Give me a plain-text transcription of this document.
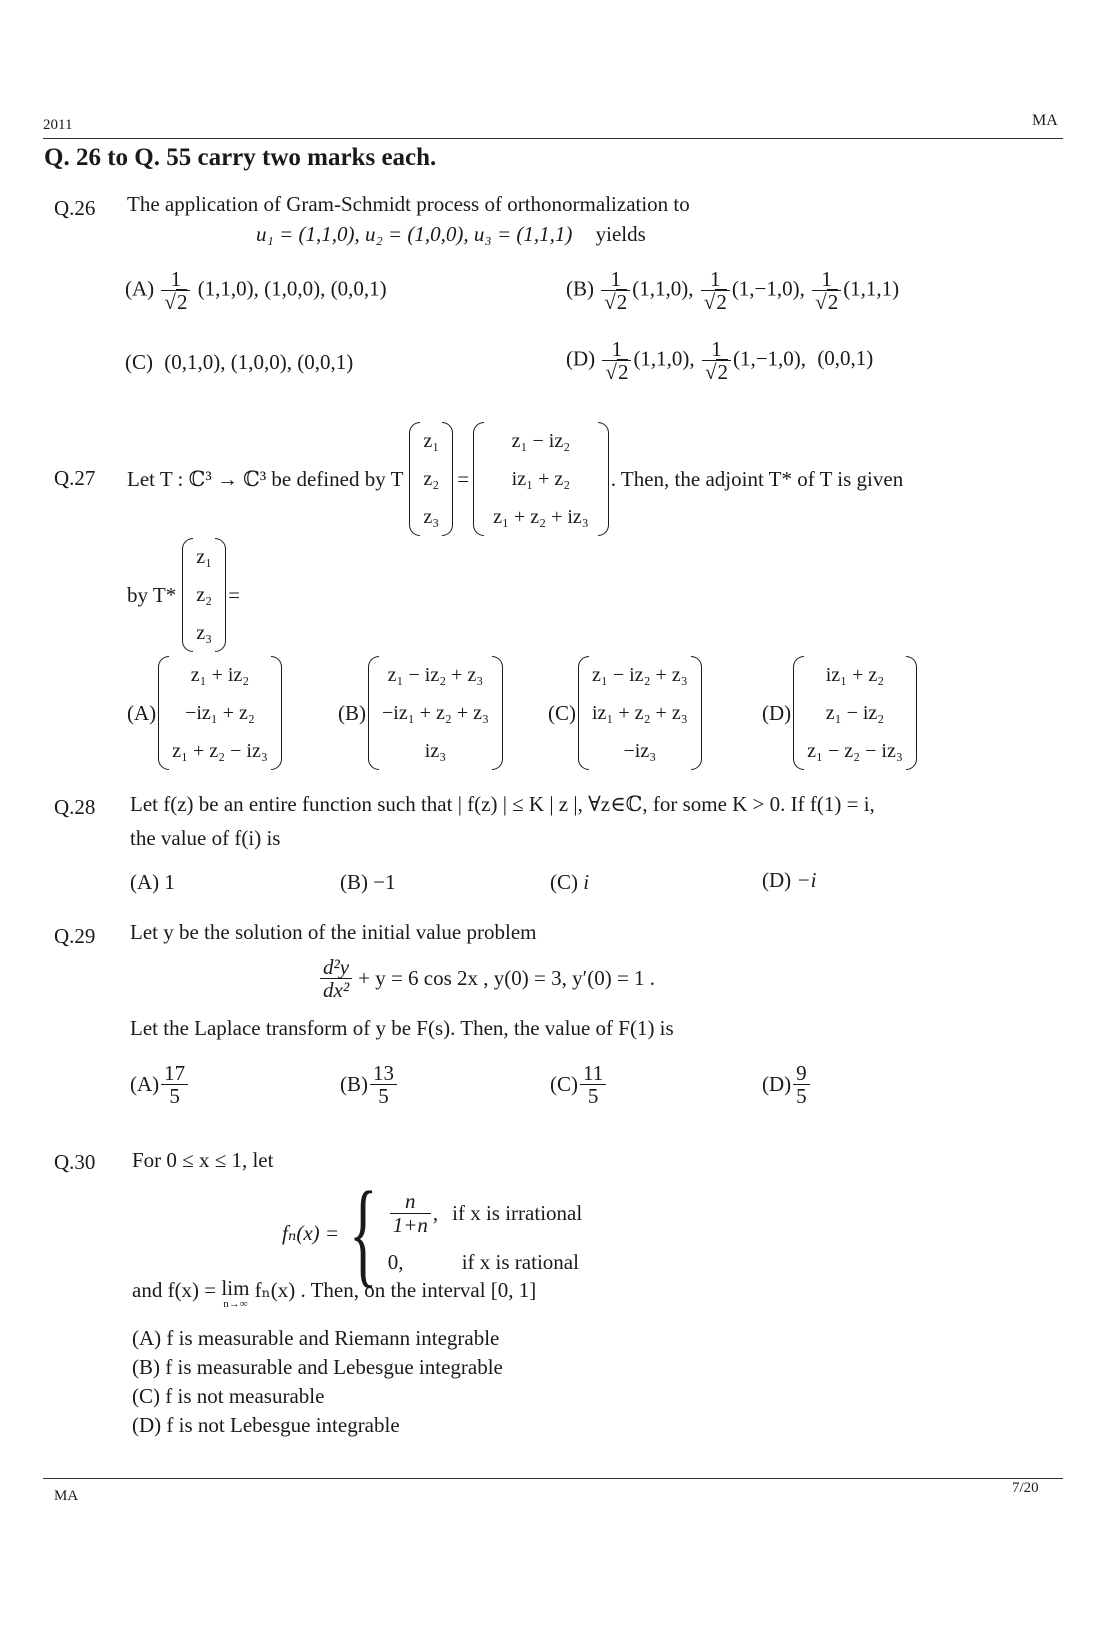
2011	MA
Q. 26 to Q. 55 carry two marks each.
Q.26 The application of Gram-Schmidt process of orthonormalization to
u₁ = (1,1,0), u₂ = (1,0,0), u₃ = (1,1,1) yields
$(A) \frac{1}{√2} (1,1,0)$, (1,0,0), (0,0,1)	$(B) \frac{1}{√2} (1,1,0)$, $\frac{1}{√2} (1,-1,0)$, $\frac{1}{√2} (1,1,1)$
(C) (0,1,0), (1,0,0), (0,0,1)	$(D) \frac{1}{√2} (1,1,0)$, $\frac{1}{√2} (1,-1,0)$, (0,0,1)
Q.27 Let T : ℂ³ → ℂ³ be defined by T
z₁
z₂
z₃
=
z₁ − iz₂
iz₁ + z₂
z₁ + z₂ + iz₃
. Then, the adjoint T* of T is given
by T*
z₁
z₂
z₃
=
(A)
z₁ + iz₂
−iz₁ + z₂
z₁ + z₂ − iz₃
(B)
z₁ − iz₂ + z₃
−iz₁ + z₂ + z₃
iz₃
(C)
z₁ − iz₂ + z₃
iz₁ + z₂ + z₃
−iz₃
(D)
iz₁ + z₂
z₁ − iz₂
z₁ − z₂ − iz₃
Q.28 Let f(z) be an entire function such that | f(z) | ≤ K | z |, ∀z∈ℂ, for some K > 0. If f(1) = i,
the value of f(i) is
(A) 1	(B) −1	(C) i	(D) −i
Q.29 Let y be the solution of the initial value problem
$\frac{\text{d²y}}{\text{dx²}} + y = 6$ cos 2x , y(0) = 3, y′(0) = 1 .
Let the Laplace transform of y be F(s). Then, the value of F(1) is
$(A) \frac{17}{5}$	$(B) \frac{13}{5}$	$(C) \frac{11}{5}$	$(D) \frac{9}{5}$
Q.30 For 0 ≤ x ≤ 1, let
fₙ(x) = { $\frac{n}{1+n}$ , if x is irrational
0,	if x is rational
and f(x) = lim
n→∞
fₙ(x) . Then, on the interval [0, 1]
(A) f is measurable and Riemann integrable
(B) f is measurable and Lebesgue integrable
(C) f is not measurable
(D) f is not Lebesgue integrable
MA	7/20
